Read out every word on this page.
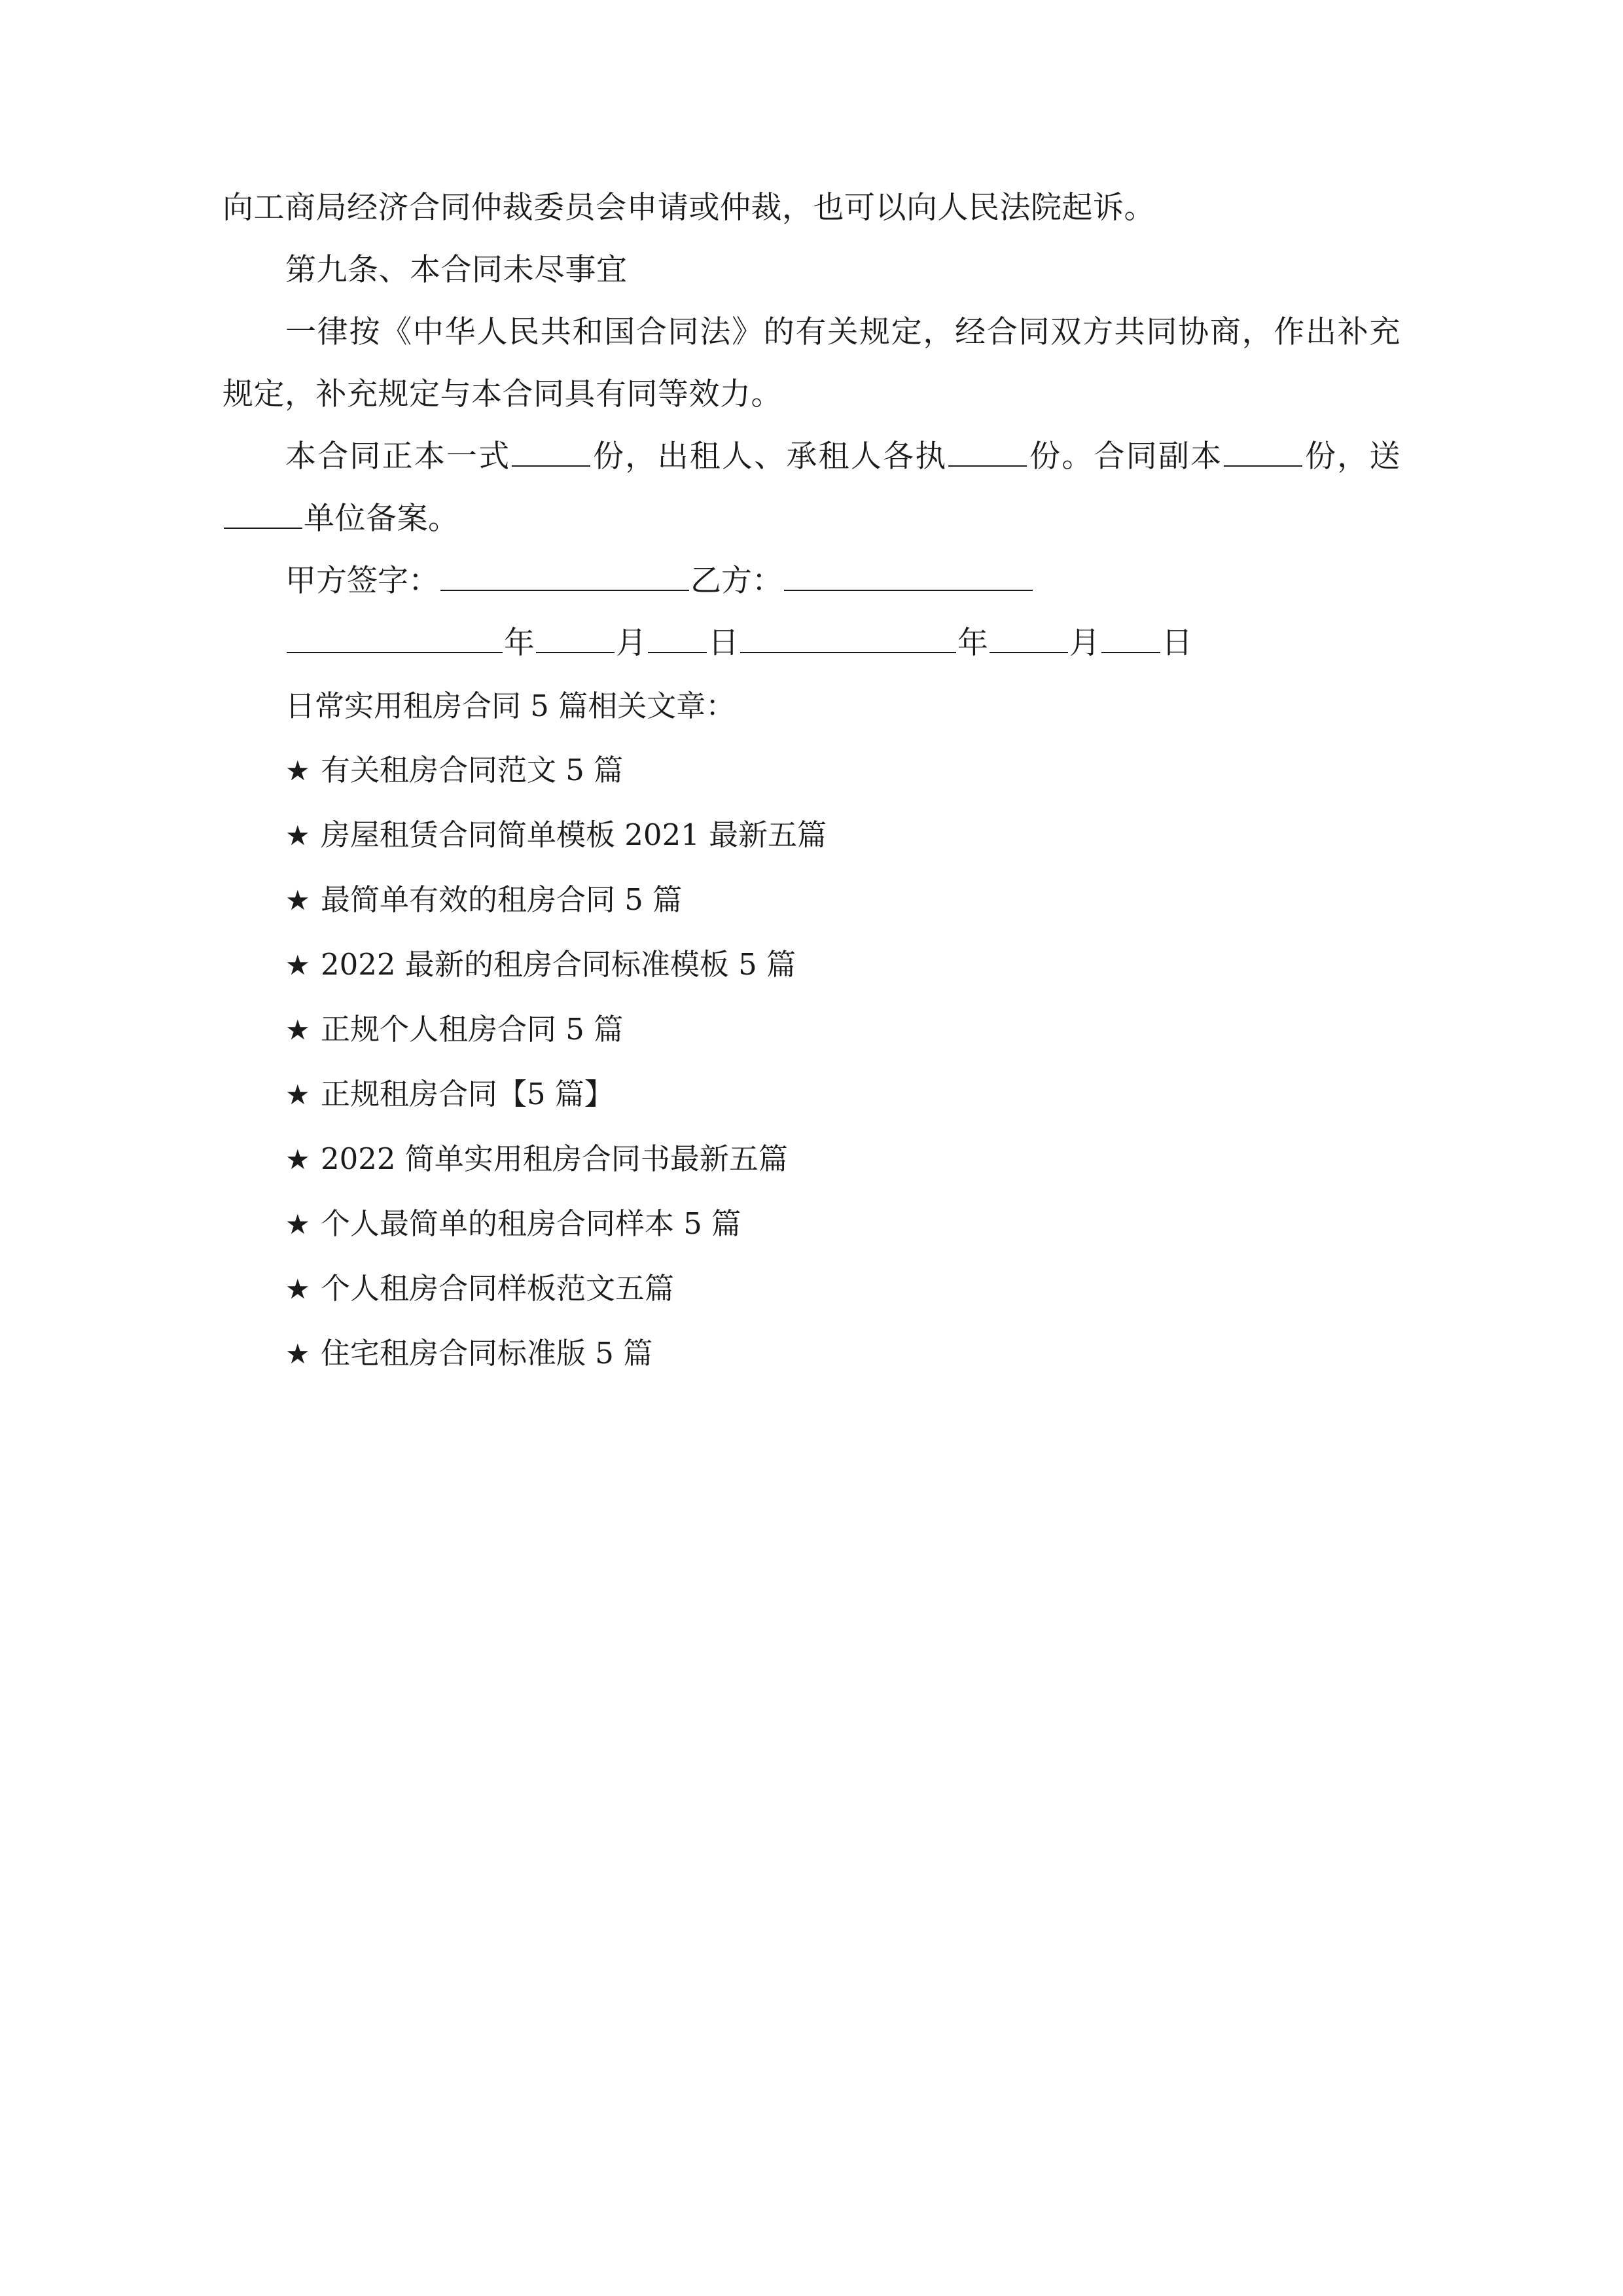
向工商局经济合同仲裁委员会申请或仲裁，也可以向人民法院起诉。

第九条、本合同未尽事宜

一律按《中华人民共和国合同法》的有关规定，经合同双方共同协商，作出补充规定，补充规定与本合同具有同等效力。

本合同正本一式	份，出租人、承租人各执	份。合同副本	份，送单位备案。

甲方签字：	乙方：

年	月 日	年	月 日

日常实用租房合同 5 篇相关文章：

★ 有关租房合同范文 5 篇
★ 房屋租赁合同简单模板 2021 最新五篇
★ 最简单有效的租房合同 5 篇
★ 2022 最新的租房合同标准模板 5 篇
★ 正规个人租房合同 5 篇
★ 正规租房合同【5 篇】
★ 2022 简单实用租房合同书最新五篇
★ 个人最简单的租房合同样本 5 篇
★ 个人租房合同样板范文五篇
★ 住宅租房合同标准版 5 篇
